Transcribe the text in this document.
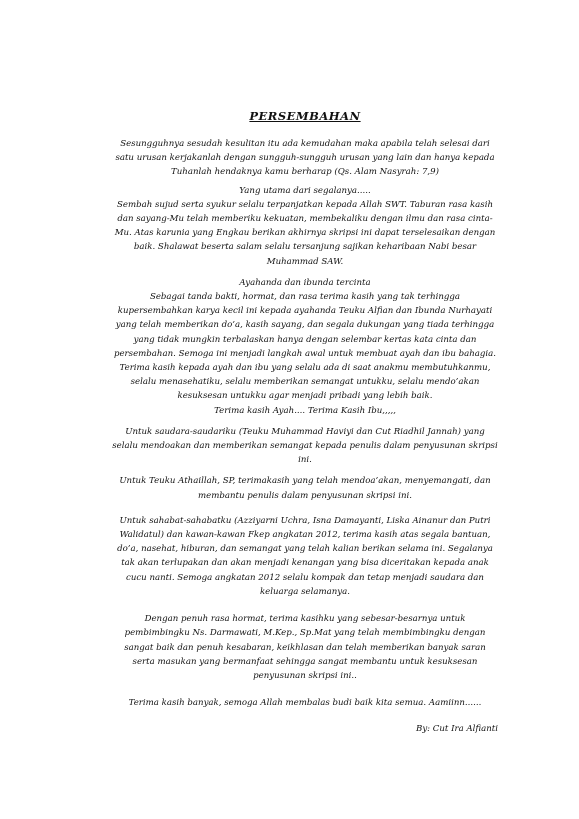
PERSEMBAHAN

Sesungguhnya sesudah kesulitan itu ada kemudahan maka apabila telah selesai dari satu urusan kerjakanlah dengan sungguh-sungguh urusan yang lain dan hanya kepada Tuhanlah hendaknya kamu berharap (Qs. Alam Nasyrah: 7,9)

Yang utama dari segalanya.....

Sembah sujud serta syukur selalu terpanjatkan kepada Allah SWT. Taburan rasa kasih dan sayang-Mu telah memberiku kekuatan, membekaliku dengan ilmu dan rasa cinta-Mu. Atas karunia yang Engkau berikan akhirnya skripsi ini dapat terselesaikan dengan baik. Shalawat beserta salam selalu tersanjung sajikan keharibaan Nabi besar Muhammad SAW.

Ayahanda dan ibunda tercinta

Sebagai tanda bakti, hormat, dan rasa terima kasih yang tak terhingga kupersembahkan karya kecil ini kepada ayahanda Teuku Alfian dan Ibunda Nurhayati yang telah memberikan do’a, kasih sayang, dan segala dukungan yang tiada terhingga yang tidak mungkin terbalaskan hanya dengan selembar kertas kata cinta dan persembahan. Semoga ini menjadi langkah awal untuk membuat ayah dan ibu bahagia. Terima kasih kepada ayah dan ibu yang selalu ada di saat anakmu membutuhkanmu, selalu menasehatiku, selalu memberikan semangat untukku, selalu mendo’akan kesuksesan untukku agar menjadi pribadi yang lebih baik.

Terima kasih Ayah.... Terima Kasih Ibu,,,,,

Untuk saudara-saudariku (Teuku Muhammad Haviyi dan Cut Riadhil Jannah) yang selalu mendoakan dan memberikan semangat kepada penulis dalam penyusunan skripsi ini.

Untuk Teuku Athaillah, SP, terimakasih yang telah mendoa’akan, menyemangati, dan membantu penulis dalam penyusunan skripsi ini.

Untuk sahabat-sahabatku (Azziyarni Uchra, Isna Damayanti, Liska Ainanur dan Putri Walidatul) dan kawan-kawan Fkep angkatan 2012, terima kasih atas segala bantuan, do’a, nasehat, hiburan, dan semangat yang telah kalian berikan selama ini. Segalanya tak akan terlupakan dan akan menjadi kenangan yang bisa diceritakan kepada anak cucu nanti. Semoga angkatan 2012 selalu kompak dan tetap menjadi saudara dan keluarga selamanya.

Dengan penuh rasa hormat, terima kasihku yang sebesar-besarnya untuk pembimbingku Ns. Darmawati, M.Kep., Sp.Mat yang telah membimbingku dengan sangat baik dan penuh kesabaran, keikhlasan dan telah memberikan banyak saran serta masukan yang bermanfaat sehingga sangat membantu untuk kesuksesan penyusunan skripsi ini..

Terima kasih banyak, semoga Allah membalas budi baik kita semua. Aamiinn......

By: Cut Ira Alfianti
